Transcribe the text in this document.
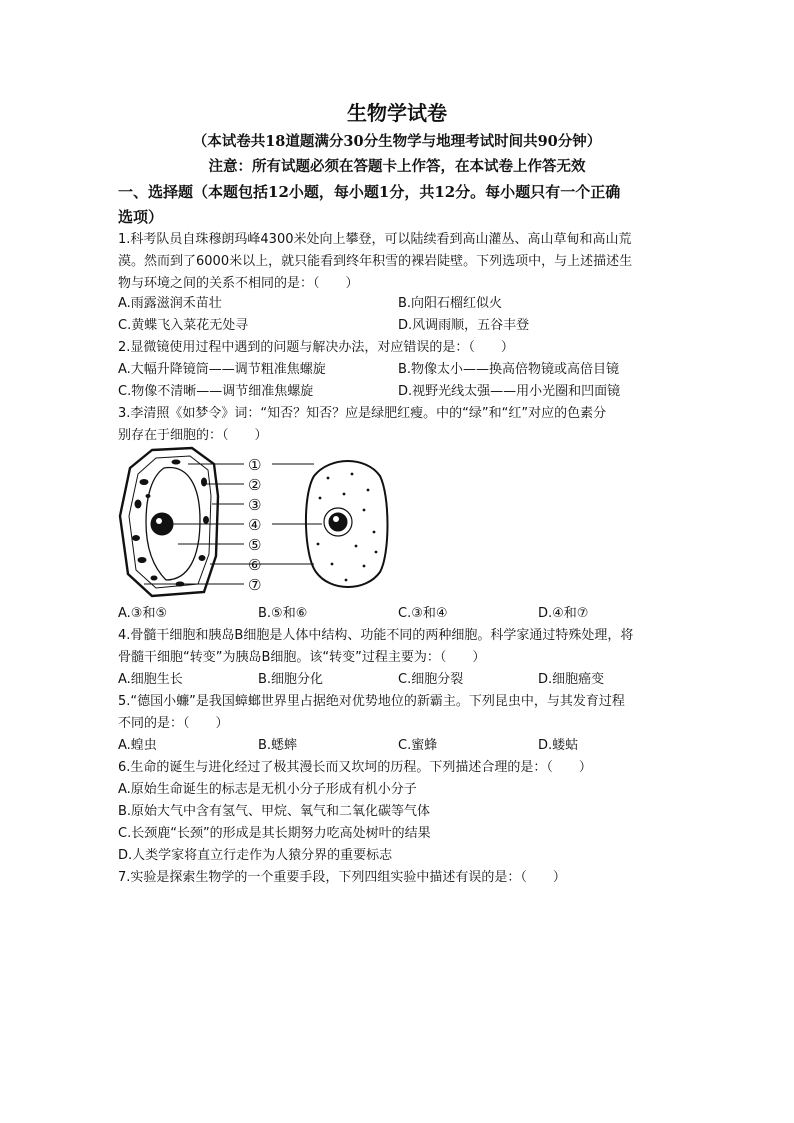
生物学试卷
（本试卷共18道题满分30分生物学与地理考试时间共90分钟）
注意：所有试题必须在答题卡上作答，在本试卷上作答无效
一、选择题（本题包括12小题，每小题1分，共12分。每小题只有一个正确
选项）
1.科考队员自珠穆朗玛峰4300米处向上攀登，可以陆续看到高山灌丛、高山草甸和高山荒
漠。然而到了6000米以上，就只能看到终年积雪的裸岩陡壁。下列选项中，与上述描述生
物与环境之间的关系不相同的是：（　　）
A.雨露滋润禾苗壮	B.向阳石榴红似火
C.黄蝶飞入菜花无处寻	D.风调雨顺，五谷丰登
2.显微镜使用过程中遇到的问题与解决办法，对应错误的是：（　　）
A.大幅升降镜筒——调节粗准焦螺旋	B.物像太小——换高倍物镜或高倍目镜
C.物像不清晰——调节细准焦螺旋	D.视野光线太强——用小光圈和凹面镜
3.李清照《如梦令》词：“知否？知否？应是绿肥红瘦。中的“绿”和“红”对应的色素分
别存在于细胞的：（　　）
①
②
③
④
⑤
⑥
⑦
A.③和⑤	B.⑤和⑥	C.③和④	D.④和⑦
4.骨髓干细胞和胰岛B细胞是人体中结构、功能不同的两种细胞。科学家通过特殊处理，将
骨髓干细胞“转变”为胰岛B细胞。该“转变”过程主要为：（　　）
A.细胞生长	B.细胞分化	C.细胞分裂	D.细胞癌变
5.“德国小蠊”是我国蟑螂世界里占据绝对优势地位的新霸主。下列昆虫中，与其发育过程
不同的是：（　　）
A.蝗虫	B.蟋蟀	C.蜜蜂	D.蝼蛄
6.生命的诞生与进化经过了极其漫长而又坎坷的历程。下列描述合理的是：（　　）
A.原始生命诞生的标志是无机小分子形成有机小分子
B.原始大气中含有氢气、甲烷、氧气和二氧化碳等气体
C.长颈鹿“长颈”的形成是其长期努力吃高处树叶的结果
D.人类学家将直立行走作为人猿分界的重要标志
7.实验是探索生物学的一个重要手段，下列四组实验中描述有误的是：（　　）
